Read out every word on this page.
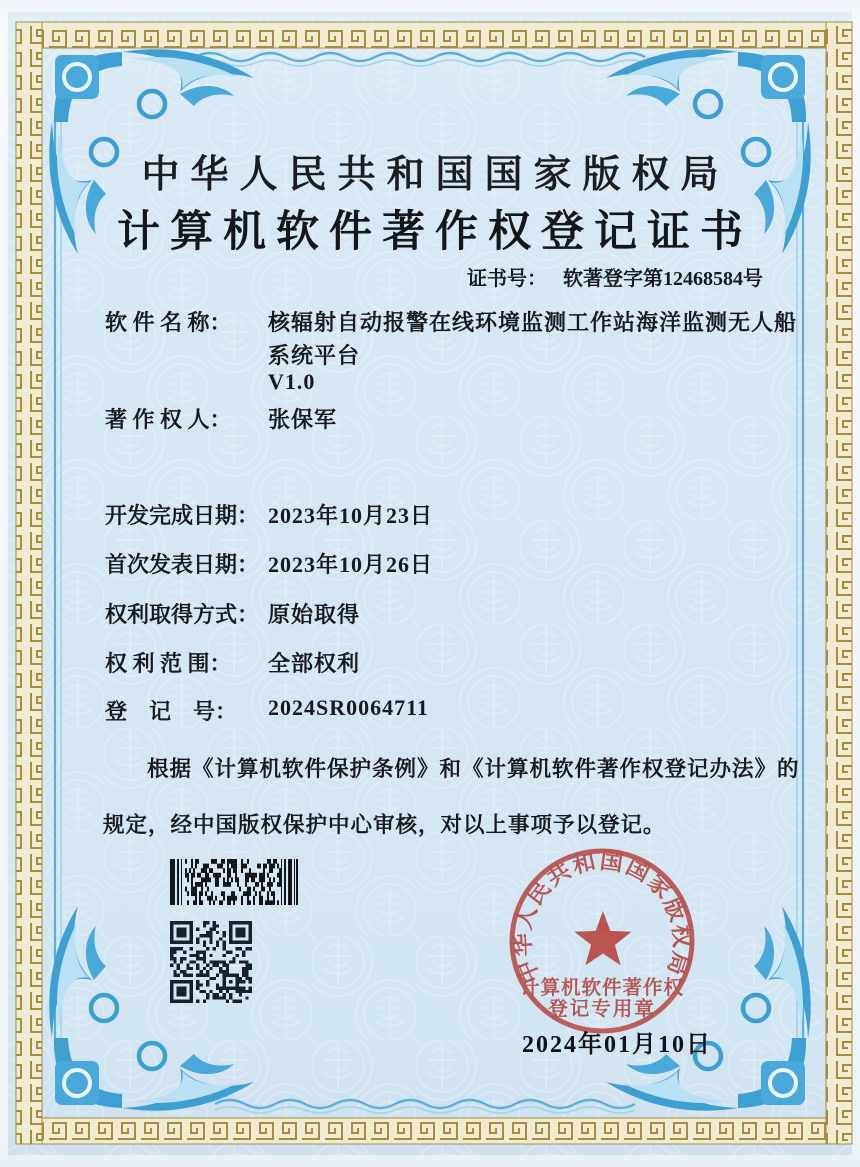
中华人民共和国国家版权局
计算机软件著作权登记证书
证书号： 软著登字第12468584号
软 件 名 称： 核辐射自动报警在线环境监测工作站海洋监测无人船
系统平台
V1.0
著 作 权 人： 张保军
开发完成日期： 2023年10月23日
首次发表日期： 2023年10月26日
权利取得方式： 原始取得
权 利 范 围： 全部权利
登　记　号： 2024SR0064711
根据《计算机软件保护条例》和《计算机软件著作权登记办法》的
规定，经中国版权保护中心审核，对以上事项予以登记。
2024年01月10日
中华人民共和国国家版权局
计算机软件著作权
登记专用章
